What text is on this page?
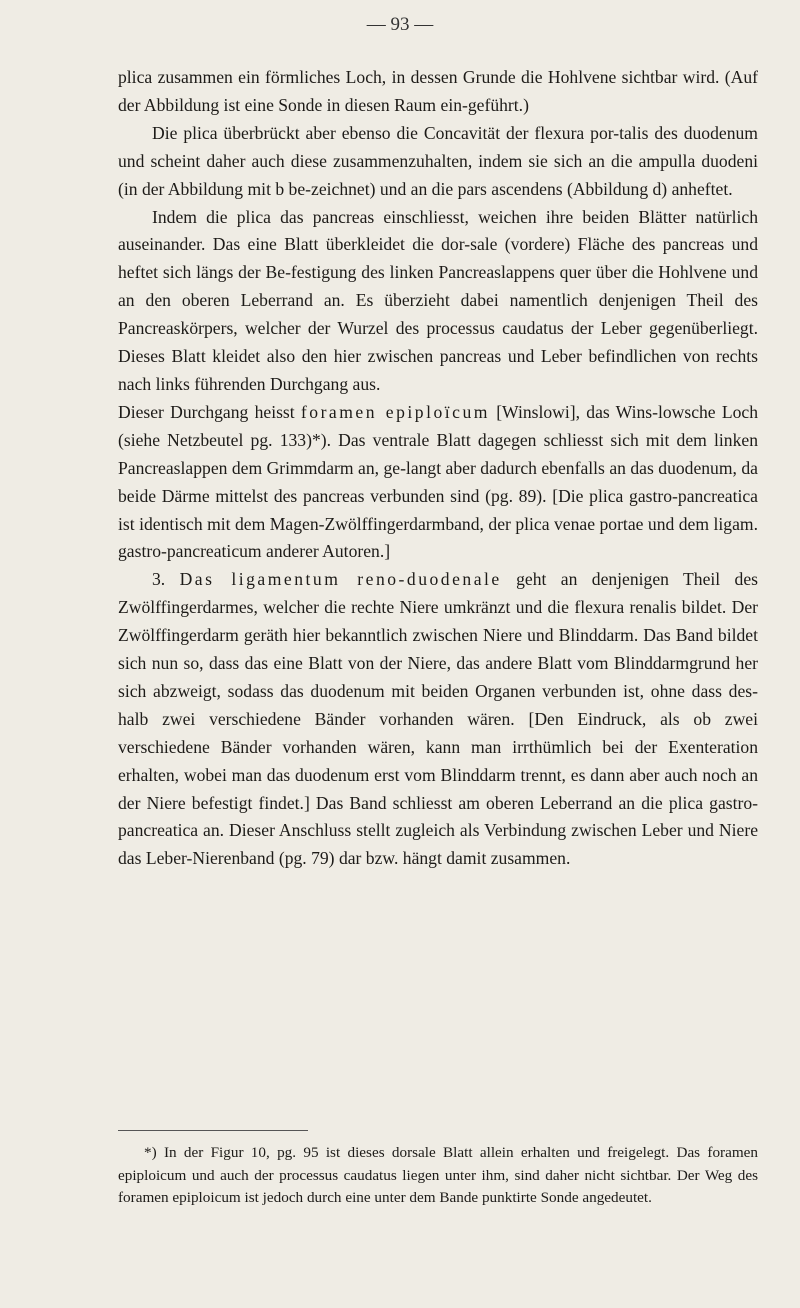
— 93 —

plica zusammen ein förmliches Loch, in dessen Grunde die Hohlvene sichtbar wird. (Auf der Abbildung ist eine Sonde in diesen Raum ein-geführt.)

Die plica überbrückt aber ebenso die Concavität der flexura por-talis des duodenum und scheint daher auch diese zusammenzuhalten, indem sie sich an die ampulla duodeni (in der Abbildung mit b be-zeichnet) und an die pars ascendens (Abbildung d) anheftet.

Indem die plica das pancreas einschliesst, weichen ihre beiden Blätter natürlich auseinander. Das eine Blatt überkleidet die dor-sale (vordere) Fläche des pancreas und heftet sich längs der Be-festigung des linken Pancreaslappens quer über die Hohlvene und an den oberen Leberrand an. Es überzieht dabei namentlich denjenigen Theil des Pancreaskörpers, welcher der Wurzel des processus caudatus der Leber gegenüberliegt. Dieses Blatt kleidet also den hier zwischen pancreas und Leber befindlichen von rechts nach links führenden Durchgang aus.

Dieser Durchgang heisst foramen epiploïcum [Winslowi], das Wins-lowsche Loch (siehe Netzbeutel pg. 133)*). Das ventrale Blatt dagegen schliesst sich mit dem linken Pancreaslappen dem Grimmdarm an, ge-langt aber dadurch ebenfalls an das duodenum, da beide Därme mittelst des pancreas verbunden sind (pg. 89). [Die plica gastro-pancreatica ist identisch mit dem Magen-Zwölffingerdarmband, der plica venae portae und dem ligam. gastro-pancreaticum anderer Autoren.]

3. Das ligamentum reno-duodenale geht an denjenigen Theil des Zwölffingerdarmes, welcher die rechte Niere umkränzt und die flexura renalis bildet. Der Zwölffingerdarm geräth hier bekanntlich zwischen Niere und Blinddarm. Das Band bildet sich nun so, dass das eine Blatt von der Niere, das andere Blatt vom Blinddarmgrund her sich abzweigt, sodass das duodenum mit beiden Organen verbunden ist, ohne dass des-halb zwei verschiedene Bänder vorhanden wären. [Den Eindruck, als ob zwei verschiedene Bänder vorhanden wären, kann man irrthümlich bei der Exenteration erhalten, wobei man das duodenum erst vom Blinddarm trennt, es dann aber auch noch an der Niere befestigt findet.] Das Band schliesst am oberen Leberrand an die plica gastro-pancreatica an. Dieser Anschluss stellt zugleich als Verbindung zwischen Leber und Niere das Leber-Nierenband (pg. 79) dar bzw. hängt damit zusammen.

*) In der Figur 10, pg. 95 ist dieses dorsale Blatt allein erhalten und freigelegt. Das foramen epiploicum und auch der processus caudatus liegen unter ihm, sind daher nicht sichtbar. Der Weg des foramen epiploicum ist jedoch durch eine unter dem Bande punktirte Sonde angedeutet.
